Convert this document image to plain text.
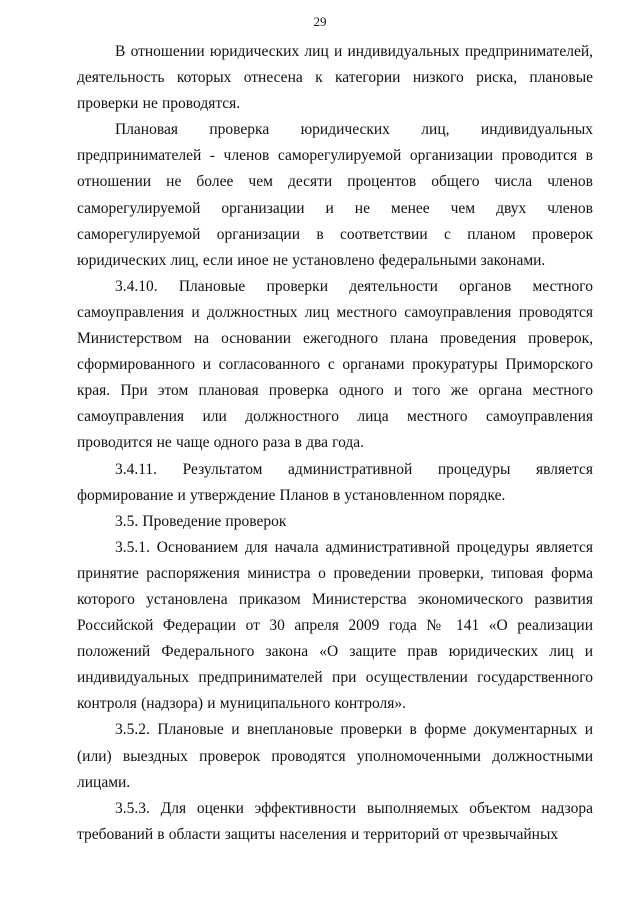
29

В отношении юридических лиц и индивидуальных предпринимателей, деятельность которых отнесена к категории низкого риска, плановые проверки не проводятся.

Плановая проверка юридических лиц, индивидуальных предпринимателей - членов саморегулируемой организации проводится в отношении не более чем десяти процентов общего числа членов саморегулируемой организации и не менее чем двух членов саморегулируемой организации в соответствии с планом проверок юридических лиц, если иное не установлено федеральными законами.

3.4.10. Плановые проверки деятельности органов местного самоуправления и должностных лиц местного самоуправления проводятся Министерством на основании ежегодного плана проведения проверок, сформированного и согласованного с органами прокуратуры Приморского края. При этом плановая проверка одного и того же органа местного самоуправления или должностного лица местного самоуправления проводится не чаще одного раза в два года.

3.4.11. Результатом административной процедуры является формирование и утверждение Планов в установленном порядке.

3.5. Проведение проверок

3.5.1. Основанием для начала административной процедуры является принятие распоряжения министра о проведении проверки, типовая форма которого установлена приказом Министерства экономического развития Российской Федерации от 30 апреля 2009 года № 141 «О реализации положений Федерального закона «О защите прав юридических лиц и индивидуальных предпринимателей при осуществлении государственного контроля (надзора) и муниципального контроля».

3.5.2. Плановые и внеплановые проверки в форме документарных и (или) выездных проверок проводятся уполномоченными должностными лицами.

3.5.3. Для оценки эффективности выполняемых объектом надзора требований в области защиты населения и территорий от чрезвычайных
